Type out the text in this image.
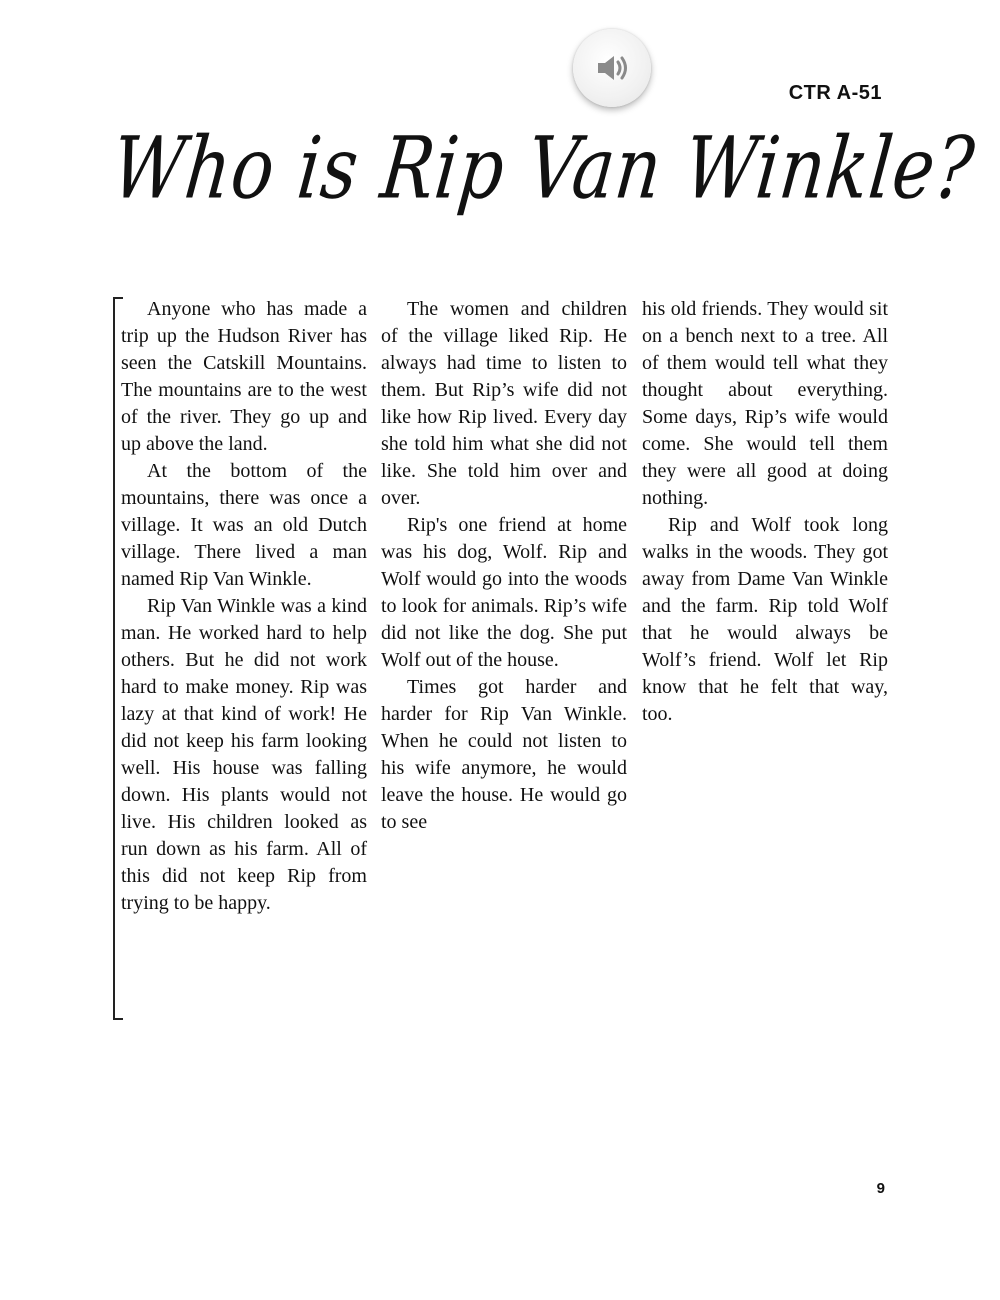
CTR A-51
Who is Rip Van Winkle?

Anyone who has made a trip up the Hudson River has seen the Catskill Mountains. The mountains are to the west of the river. They go up and up above the land.

At the bottom of the mountains, there was once a village. It was an old Dutch village. There lived a man named Rip Van Winkle.

Rip Van Winkle was a kind man. He worked hard to help others. But he did not work hard to make money. Rip was lazy at that kind of work! He did not keep his farm looking well. His house was falling down. His plants would not live. His children looked as run down as his farm. All of this did not keep Rip from trying to be happy.

The women and children of the village liked Rip. He always had time to listen to them. But Rip’s wife did not like how Rip lived. Every day she told him what she did not like. She told him over and over.

Rip's one friend at home was his dog, Wolf. Rip and Wolf would go into the woods to look for animals. Rip’s wife did not like the dog. She put Wolf out of the house.

Times got harder and harder for Rip Van Winkle. When he could not listen to his wife anymore, he would leave the house. He would go to see

his old friends. They would sit on a bench next to a tree. All of them would tell what they thought about everything. Some days, Rip’s wife would come. She would tell them they were all good at doing nothing.

Rip and Wolf took long walks in the woods. They got away from Dame Van Winkle and the farm. Rip told Wolf that he would always be Wolf’s friend. Wolf let Rip know that he felt that way, too.

9
